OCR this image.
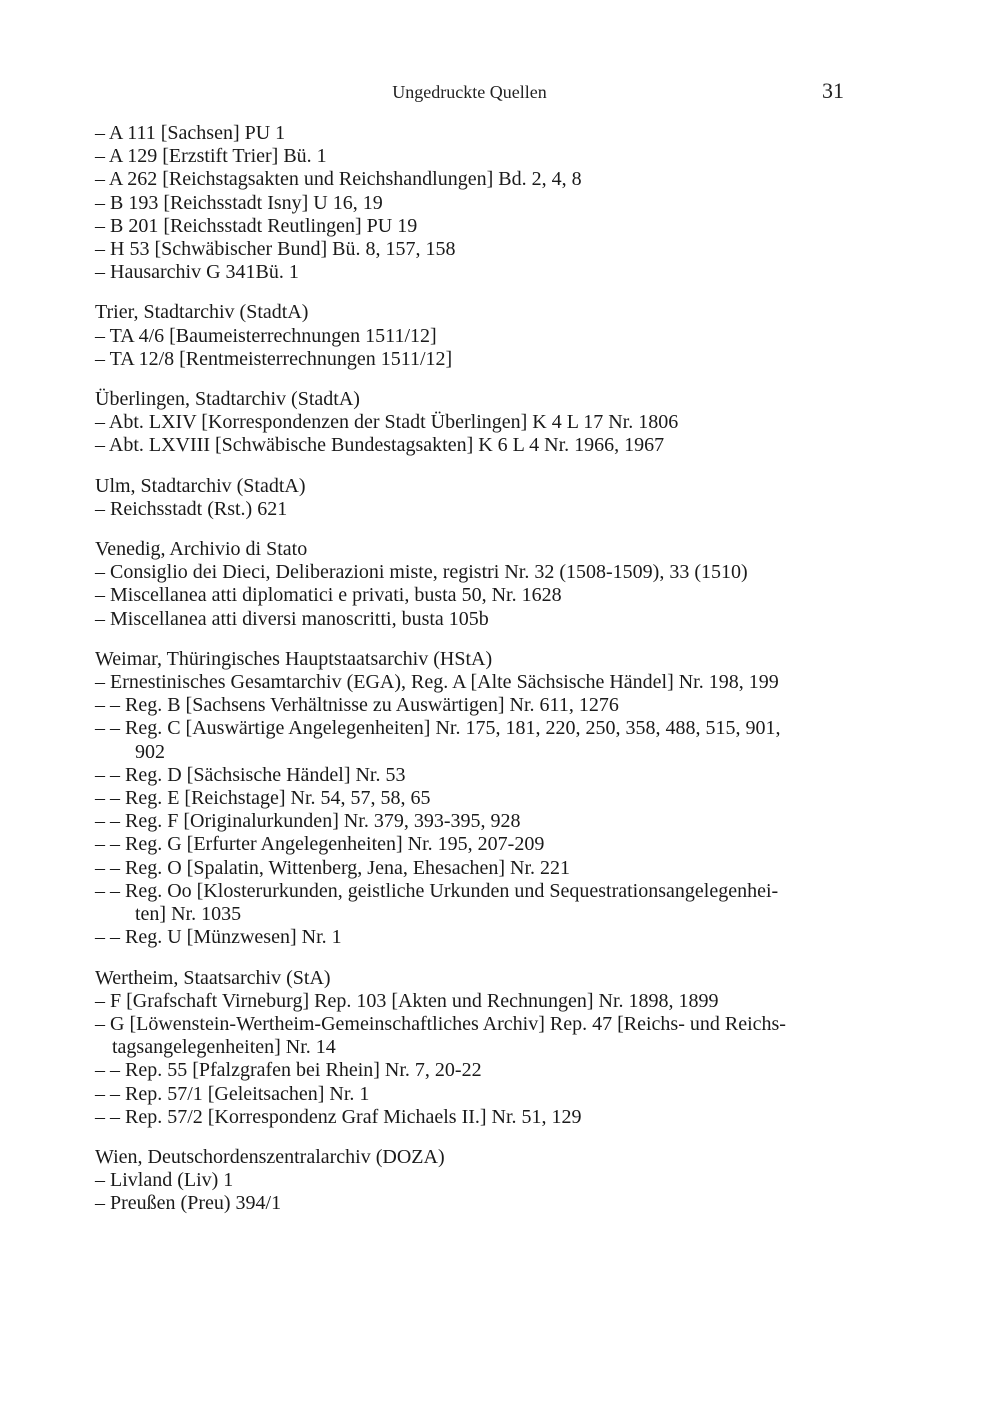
Ungedruckte Quellen	31
– A 111 [Sachsen] PU 1
– A 129 [Erzstift Trier] Bü. 1
– A 262 [Reichstagsakten und Reichshandlungen] Bd. 2, 4, 8
– B 193 [Reichsstadt Isny] U 16, 19
– B 201 [Reichsstadt Reutlingen] PU 19
– H 53 [Schwäbischer Bund] Bü. 8, 157, 158
– Hausarchiv G 341Bü. 1
Trier, Stadtarchiv (StadtA)
– TA 4/6 [Baumeisterrechnungen 1511/12]
– TA 12/8 [Rentmeisterrechnungen 1511/12]
Überlingen, Stadtarchiv (StadtA)
– Abt. LXIV [Korrespondenzen der Stadt Überlingen] K 4 L 17 Nr. 1806
– Abt. LXVIII [Schwäbische Bundestagsakten] K 6 L 4 Nr. 1966, 1967
Ulm, Stadtarchiv (StadtA)
– Reichsstadt (Rst.) 621
Venedig, Archivio di Stato
– Consiglio dei Dieci, Deliberazioni miste, registri Nr. 32 (1508-1509), 33 (1510)
– Miscellanea atti diplomatici e privati, busta 50, Nr. 1628
– Miscellanea atti diversi manoscritti, busta 105b
Weimar, Thüringisches Hauptstaatsarchiv (HStA)
– Ernestinisches Gesamtarchiv (EGA), Reg. A [Alte Sächsische Händel] Nr. 198, 199
– – Reg. B [Sachsens Verhältnisse zu Auswärtigen] Nr. 611, 1276
– – Reg. C [Auswärtige Angelegenheiten] Nr. 175, 181, 220, 250, 358, 488, 515, 901,
902
– – Reg. D [Sächsische Händel] Nr. 53
– – Reg. E [Reichstage] Nr. 54, 57, 58, 65
– – Reg. F [Originalurkunden] Nr. 379, 393-395, 928
– – Reg. G [Erfurter Angelegenheiten] Nr. 195, 207-209
– – Reg. O [Spalatin, Wittenberg, Jena, Ehesachen] Nr. 221
– – Reg. Oo [Klosterurkunden, geistliche Urkunden und Sequestrationsangelegenhei-
ten] Nr. 1035
– – Reg. U [Münzwesen] Nr. 1
Wertheim, Staatsarchiv (StA)
– F [Grafschaft Virneburg] Rep. 103 [Akten und Rechnungen] Nr. 1898, 1899
– G [Löwenstein-Wertheim-Gemeinschaftliches Archiv] Rep. 47 [Reichs- und Reichs-
tagsangelegenheiten] Nr. 14
– – Rep. 55 [Pfalzgrafen bei Rhein] Nr. 7, 20-22
– – Rep. 57/1 [Geleitsachen] Nr. 1
– – Rep. 57/2 [Korrespondenz Graf Michaels II.] Nr. 51, 129
Wien, Deutschordenszentralarchiv (DOZA)
– Livland (Liv) 1
– Preußen (Preu) 394/1
